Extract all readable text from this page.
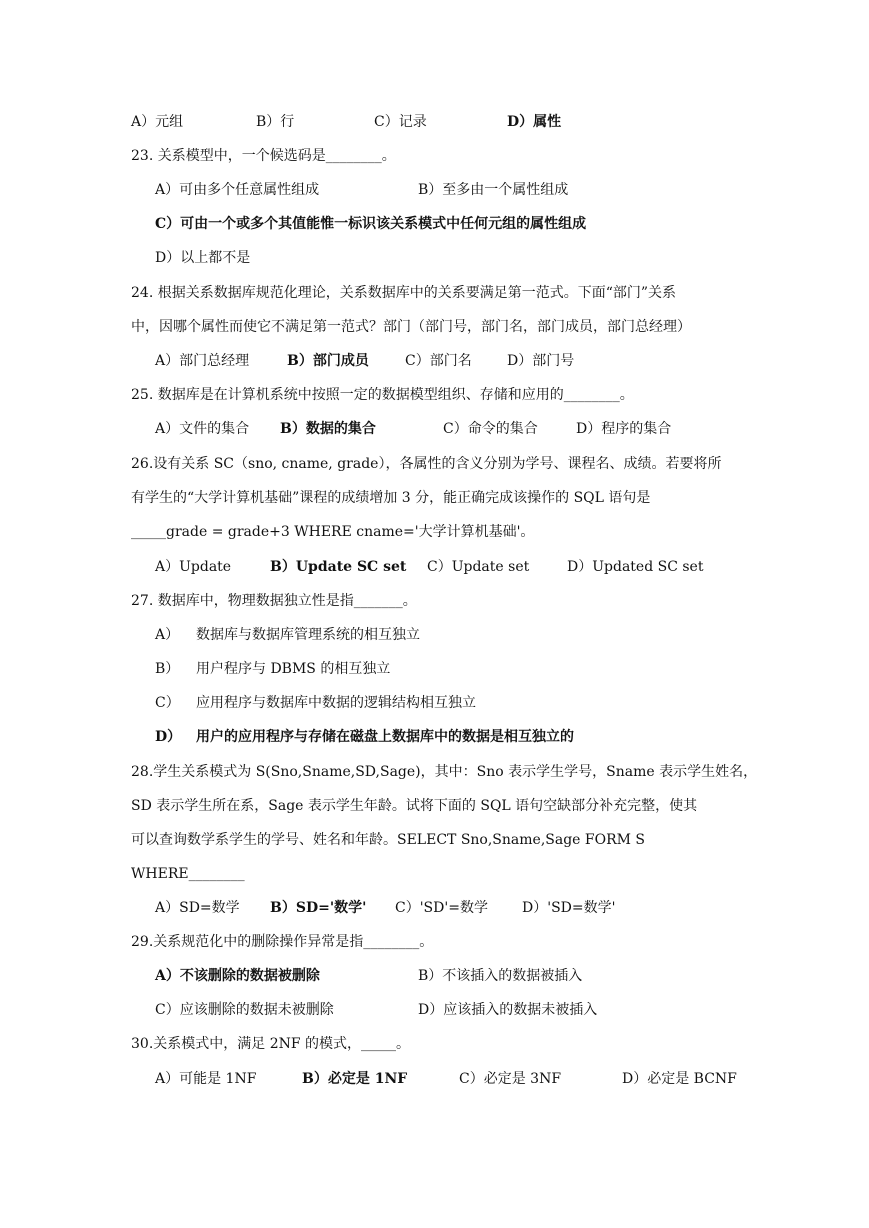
A）元组	B）行	C）记录	D）属性
23. 关系模型中，一个候选码是________。
A）可由多个任意属性组成	B）至多由一个属性组成
C）可由一个或多个其值能惟一标识该关系模式中任何元组的属性组成
D）以上都不是
24. 根据关系数据库规范化理论，关系数据库中的关系要满足第一范式。下面“部门”关系
中，因哪个属性而使它不满足第一范式？部门（部门号，部门名，部门成员，部门总经理）
A）部门总经理	B）部门成员	C）部门名	D）部门号
25. 数据库是在计算机系统中按照一定的数据模型组织、存储和应用的________。
A）文件的集合 B）数据的集合	C）命令的集合	D）程序的集合
26.设有关系 SC（sno, cname, grade），各属性的含义分别为学号、课程名、成绩。若要将所
有学生的“大学计算机基础”课程的成绩增加 3 分，能正确完成该操作的 SQL 语句是
_____grade = grade+3 WHERE cname='大学计算机基础'。
A）Update	B）Update SC set C）Update set	D）Updated SC set
27. 数据库中，物理数据独立性是指_______。
A） 数据库与数据库管理系统的相互独立
B） 用户程序与 DBMS 的相互独立
C） 应用程序与数据库中数据的逻辑结构相互独立
D） 用户的应用程序与存储在磁盘上数据库中的数据是相互独立的
28.学生关系模式为 S(Sno,Sname,SD,Sage)，其中：Sno 表示学生学号，Sname 表示学生姓名，
SD 表示学生所在系，Sage 表示学生年龄。试将下面的 SQL 语句空缺部分补充完整，使其
可以查询数学系学生的学号、姓名和年龄。SELECT Sno,Sname,Sage FORM S
WHERE________
A）SD=数学 B）SD='数学' C）'SD'=数学 D）'SD=数学'
29.关系规范化中的删除操作异常是指________。
A）不该删除的数据被删除	B）不该插入的数据被插入
C）应该删除的数据未被删除	D）应该插入的数据未被插入
30.关系模式中，满足 2NF 的模式，_____。
A）可能是 1NF	B）必定是 1NF	C）必定是 3NF	D）必定是 BCNF
